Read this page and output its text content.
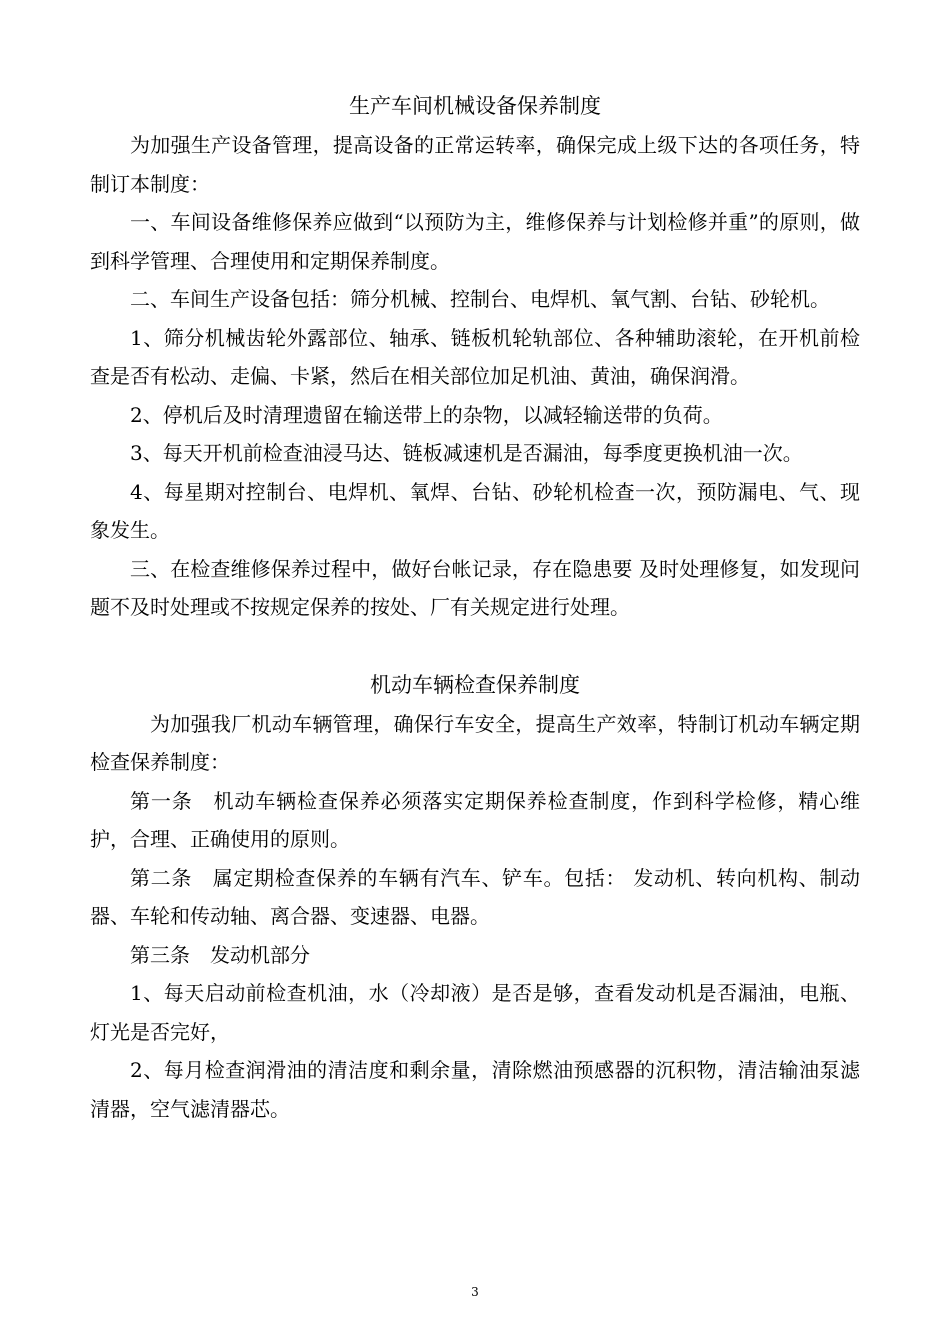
生产车间机械设备保养制度

为加强生产设备管理，提高设备的正常运转率，确保完成上级下达的各项任务，特制订本制度：

一、车间设备维修保养应做到“以预防为主，维修保养与计划检修并重”的原则，做到科学管理、合理使用和定期保养制度。

二、车间生产设备包括：筛分机械、控制台、电焊机、氧气割、台钻、砂轮机。

1、筛分机械齿轮外露部位、轴承、链板机轮轨部位、各种辅助滚轮，在开机前检查是否有松动、走偏、卡紧，然后在相关部位加足机油、黄油，确保润滑。

2、停机后及时清理遗留在输送带上的杂物，以减轻输送带的负荷。

3、每天开机前检查油浸马达、链板减速机是否漏油，每季度更换机油一次。

4、每星期对控制台、电焊机、氧焊、台钻、砂轮机检查一次，预防漏电、气、现象发生。

三、在检查维修保养过程中，做好台帐记录，存在隐患要 及时处理修复，如发现问题不及时处理或不按规定保养的按处、厂有关规定进行处理。

机动车辆检查保养制度

为加强我厂机动车辆管理，确保行车安全，提高生产效率，特制订机动车辆定期检查保养制度：

第一条　机动车辆检查保养必须落实定期保养检查制度，作到科学检修，精心维护，合理、正确使用的原则。

第二条　属定期检查保养的车辆有汽车、铲车。包括： 发动机、转向机构、制动器、车轮和传动轴、离合器、变速器、电器。

第三条　发动机部分

1、每天启动前检查机油，水（冷却液）是否是够，查看发动机是否漏油，电瓶、灯光是否完好，

2、每月检查润滑油的清洁度和剩余量，清除燃油预感器的沉积物，清洁输油泵滤清器，空气滤清器芯。

3
